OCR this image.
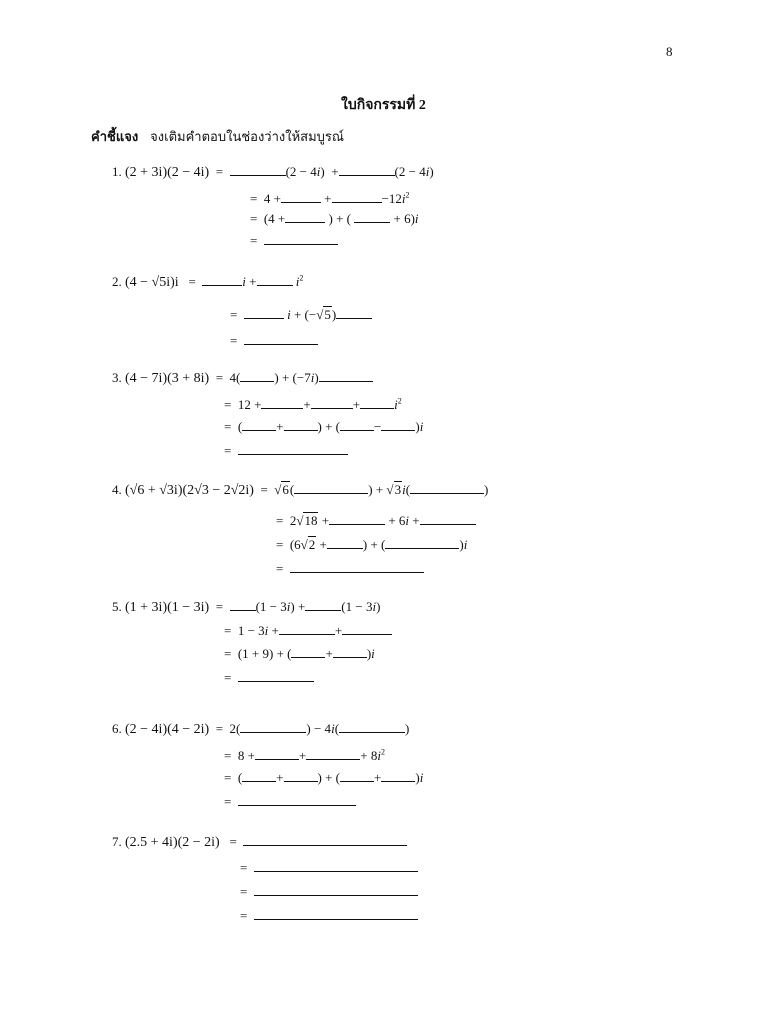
8
ใบกิจกรรมที่ 2
คำชี้แจง จงเติมคำตอบในช่องว่างให้สมบูรณ์
1. (2 + 3i)(2 − 4i)  =	(2 − 4i)  +	(2 − 4i)
=  4 +	+	$-12i^2$
=  (4 +	) + (	+ 6)i
=
2. (4 − √5i)i   =	i +	$i^2$
=	i + (−√5)
=
3. (4 − 7i)(3 + 8i)  =  4(	) + (−7i)
=  12 +	+	+	$i^2$
=  (	+	) + (	−	)i
=
4. (√6 + √3i)(2√3 − 2√2i)  =  √6(	) + √3i(	)
=  2√18 +	+ 6i +
=  (6√2 +	) + (	)i
=
5. (1 + 3i)(1 − 3i)  =  (1 − 3i) +	(1 − 3i)
=  1 − 3i +	+
=  (1 + 9) + (	+	)i
=
6. (2 − 4i)(4 − 2i)  =  2(	) − 4i(	)
=  8 +	+	+ $8i^2$
=  (	+	) + (	+	)i
=
7. (2.5 + 4i)(2 − 2i)   =
=
=
=
